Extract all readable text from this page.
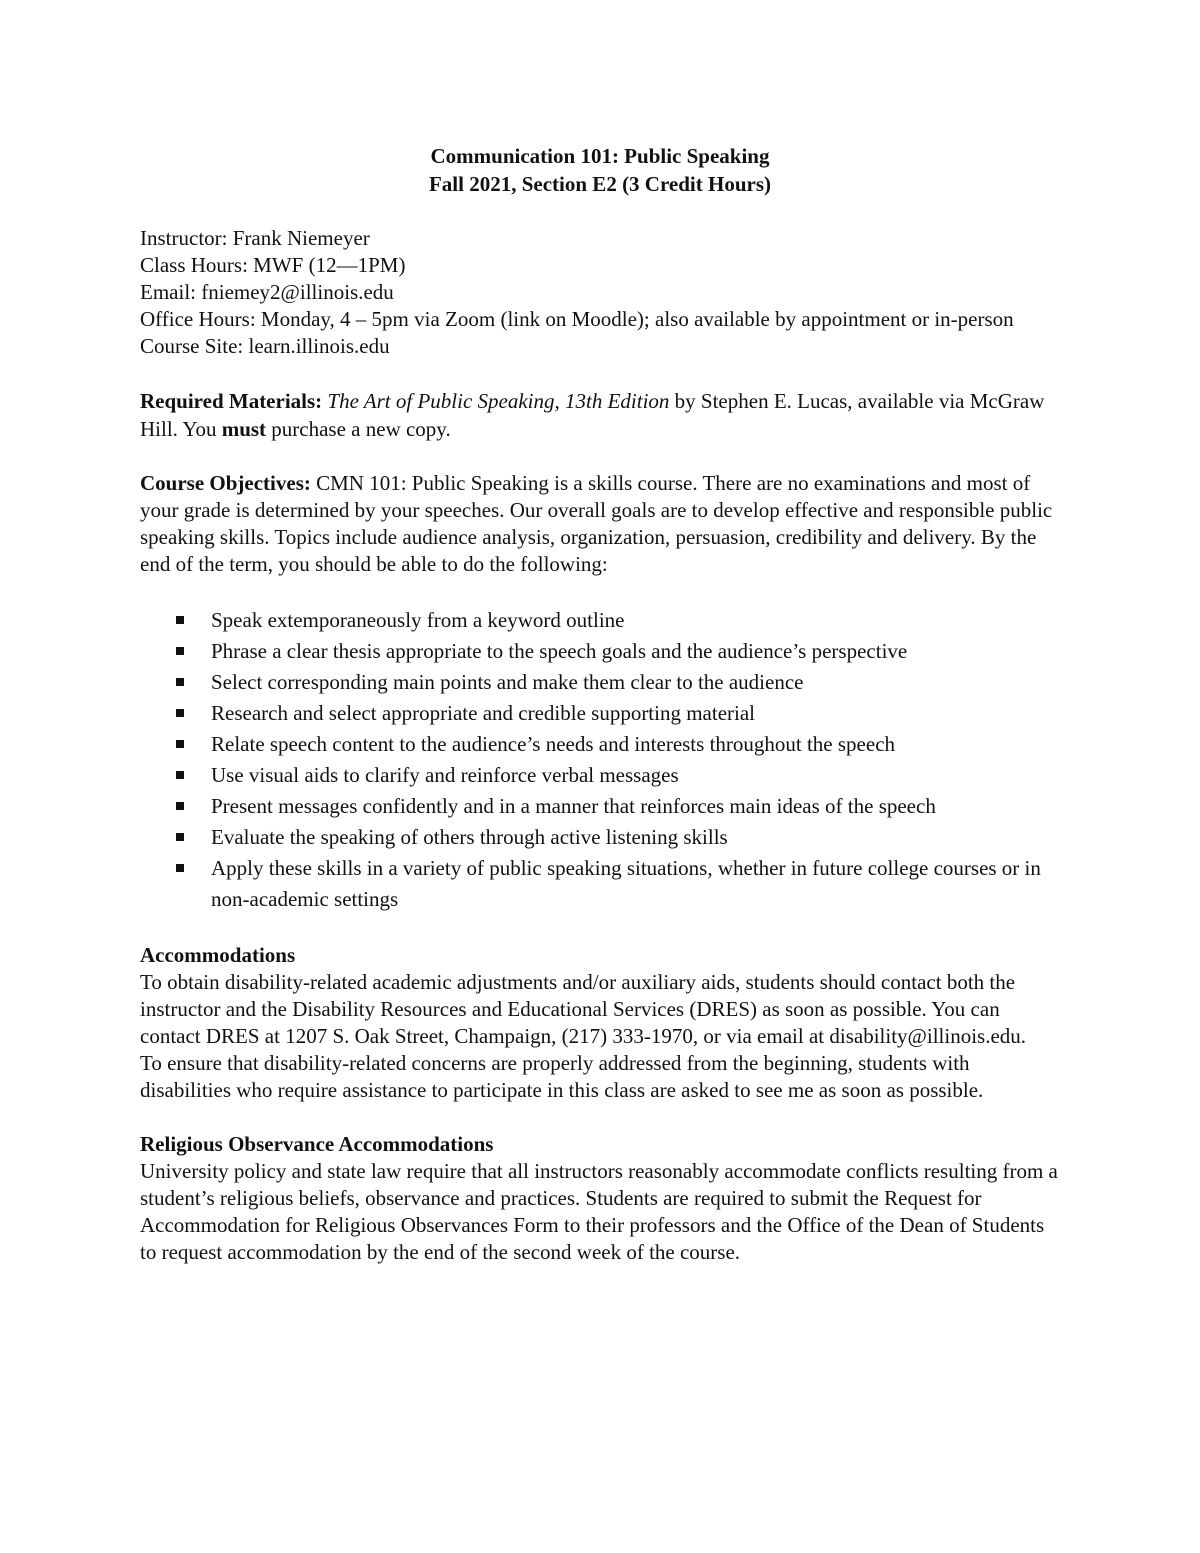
Communication 101: Public Speaking
Fall 2021, Section E2 (3 Credit Hours)

Instructor: Frank Niemeyer

Class Hours: MWF (12—1PM)

Email: fniemey2@illinois.edu

Office Hours: Monday, 4 – 5pm via Zoom (link on Moodle); also available by appointment or in-person

Course Site: learn.illinois.edu

Required Materials: The Art of Public Speaking, 13th Edition by Stephen E. Lucas, available via McGraw Hill. You must purchase a new copy.

Course Objectives: CMN 101: Public Speaking is a skills course. There are no examinations and most of your grade is determined by your speeches. Our overall goals are to develop effective and responsible public speaking skills. Topics include audience analysis, organization, persuasion, credibility and delivery. By the end of the term, you should be able to do the following:

Speak extemporaneously from a keyword outline
Phrase a clear thesis appropriate to the speech goals and the audience’s perspective
Select corresponding main points and make them clear to the audience
Research and select appropriate and credible supporting material
Relate speech content to the audience’s needs and interests throughout the speech
Use visual aids to clarify and reinforce verbal messages
Present messages confidently and in a manner that reinforces main ideas of the speech
Evaluate the speaking of others through active listening skills
Apply these skills in a variety of public speaking situations, whether in future college courses or in non-academic settings

Accommodations

To obtain disability-related academic adjustments and/or auxiliary aids, students should contact both the instructor and the Disability Resources and Educational Services (DRES) as soon as possible. You can contact DRES at 1207 S. Oak Street, Champaign, (217) 333-1970, or via email at disability@illinois.edu.

To ensure that disability-related concerns are properly addressed from the beginning, students with disabilities who require assistance to participate in this class are asked to see me as soon as possible.

Religious Observance Accommodations

University policy and state law require that all instructors reasonably accommodate conflicts resulting from a student’s religious beliefs, observance and practices. Students are required to submit the Request for Accommodation for Religious Observances Form to their professors and the Office of the Dean of Students to request accommodation by the end of the second week of the course.
